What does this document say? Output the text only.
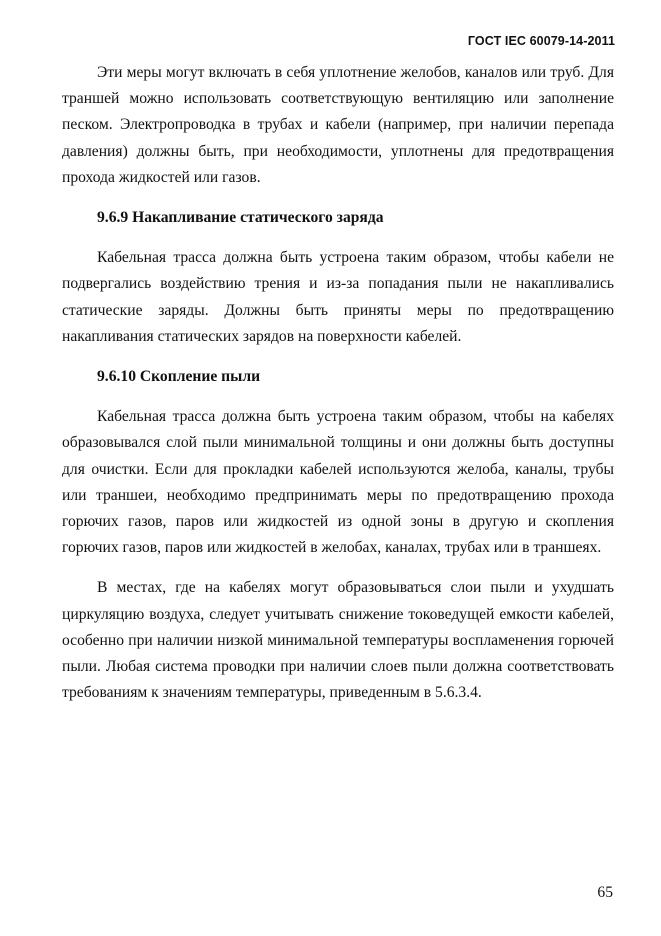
ГОСТ IEC 60079-14-2011

Эти меры могут включать в себя уплотнение желобов, каналов или труб. Для траншей можно использовать соответствующую вентиляцию или заполнение песком. Электропроводка в трубах и кабели (например, при наличии перепада давления) должны быть, при необходимости, уплотнены для предотвращения прохода жидкостей или газов.

9.6.9 Накапливание статического заряда

Кабельная трасса должна быть устроена таким образом, чтобы кабели не подвергались воздействию трения и из-за попадания пыли не накапливались статические заряды. Должны быть приняты меры по предотвращению накапливания статических зарядов на поверхности кабелей.

9.6.10 Скопление пыли

Кабельная трасса должна быть устроена таким образом, чтобы на кабелях образовывался слой пыли минимальной толщины и они должны быть доступны для очистки. Если для прокладки кабелей используются желоба, каналы, трубы или траншеи, необходимо предпринимать меры по предотвращению прохода горючих газов, паров или жидкостей из одной зоны в другую и скопления горючих газов, паров или жидкостей в желобах, каналах, трубах или в траншеях.

В местах, где на кабелях могут образовываться слои пыли и ухудшать циркуляцию воздуха, следует учитывать снижение токоведущей емкости кабелей, особенно при наличии низкой минимальной температуры воспламенения горючей пыли. Любая система проводки при наличии слоев пыли должна соответствовать требованиям к значениям температуры, приведенным в 5.6.3.4.

65
